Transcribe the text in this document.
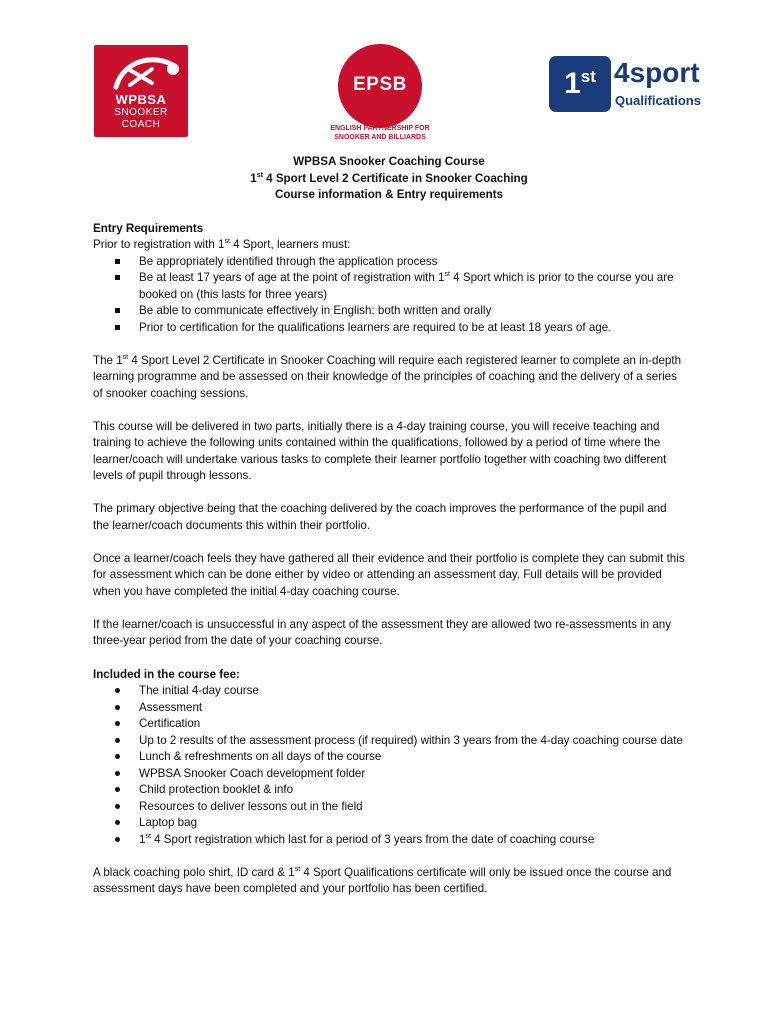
WPBSA
SNOOKER
COACH
EPSB
ENGLISH PARTNERSHIP FOR
SNOOKER AND BILLIARDS
1st 4sport
Qualifications
WPBSA Snooker Coaching Course
1st 4 Sport Level 2 Certificate in Snooker Coaching
Course information & Entry requirements
Entry Requirements

Prior to registration with 1st 4 Sport, learners must:

Be appropriately identified through the application process
Be at least 17 years of age at the point of registration with 1st 4 Sport which is prior to the course you are booked on (this lasts for three years)
Be able to communicate effectively in English: both written and orally
Prior to certification for the qualifications learners are required to be at least 18 years of age.

The 1st 4 Sport Level 2 Certificate in Snooker Coaching will require each registered learner to complete an in-depth learning programme and be assessed on their knowledge of the principles of coaching and the delivery of a series of snooker coaching sessions.

This course will be delivered in two parts, initially there is a 4-day training course, you will receive teaching and training to achieve the following units contained within the qualifications, followed by a period of time where the learner/coach will undertake various tasks to complete their learner portfolio together with coaching two different levels of pupil through lessons.

The primary objective being that the coaching delivered by the coach improves the performance of the pupil and the learner/coach documents this within their portfolio.

Once a learner/coach feels they have gathered all their evidence and their portfolio is complete they can submit this for assessment which can be done either by video or attending an assessment day. Full details will be provided when you have completed the initial 4-day coaching course.

If the learner/coach is unsuccessful in any aspect of the assessment they are allowed two re-assessments in any three-year period from the date of your coaching course.

Included in the course fee:
The initial 4-day course
Assessment
Certification
Up to 2 results of the assessment process (if required) within 3 years from the 4-day coaching course date
Lunch & refreshments on all days of the course
WPBSA Snooker Coach development folder
Child protection booklet & info
Resources to deliver lessons out in the field
Laptop bag
1st 4 Sport registration which last for a period of 3 years from the date of coaching course

A black coaching polo shirt, ID card & 1st 4 Sport Qualifications certificate will only be issued once the course and assessment days have been completed and your portfolio has been certified.
